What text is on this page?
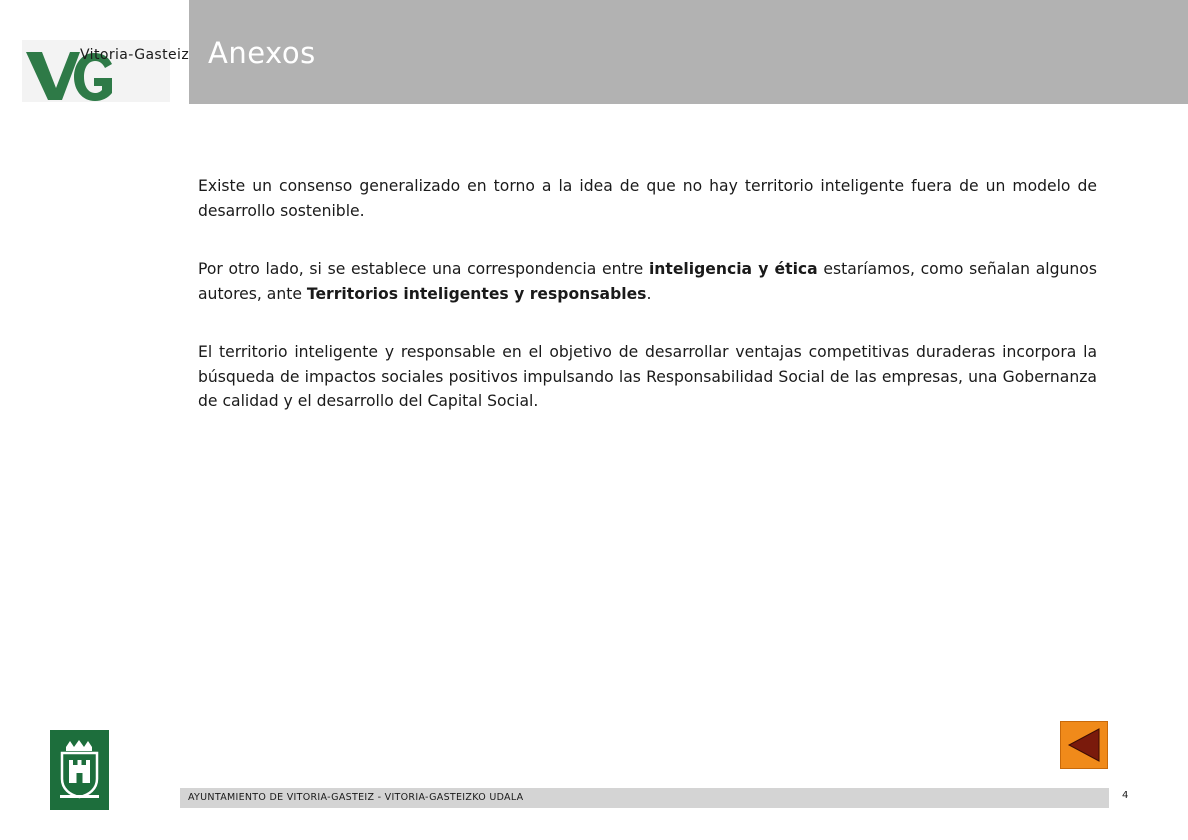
Vitoria-Gasteiz Anexos

Existe un consenso generalizado en torno a la idea de que no hay territorio inteligente fuera de un modelo de desarrollo sostenible.

Por otro lado, si se establece una correspondencia entre inteligencia y ética estaríamos, como señalan algunos autores, ante Territorios inteligentes y responsables.

El territorio inteligente y responsable en el objetivo de desarrollar ventajas competitivas duraderas incorpora la búsqueda de impactos sociales positivos impulsando las Responsabilidad Social de las empresas, una Gobernanza de calidad y el desarrollo del Capital Social.

AYUNTAMIENTO DE VITORIA-GASTEIZ - VITORIA-GASTEIZKO UDALA	4
